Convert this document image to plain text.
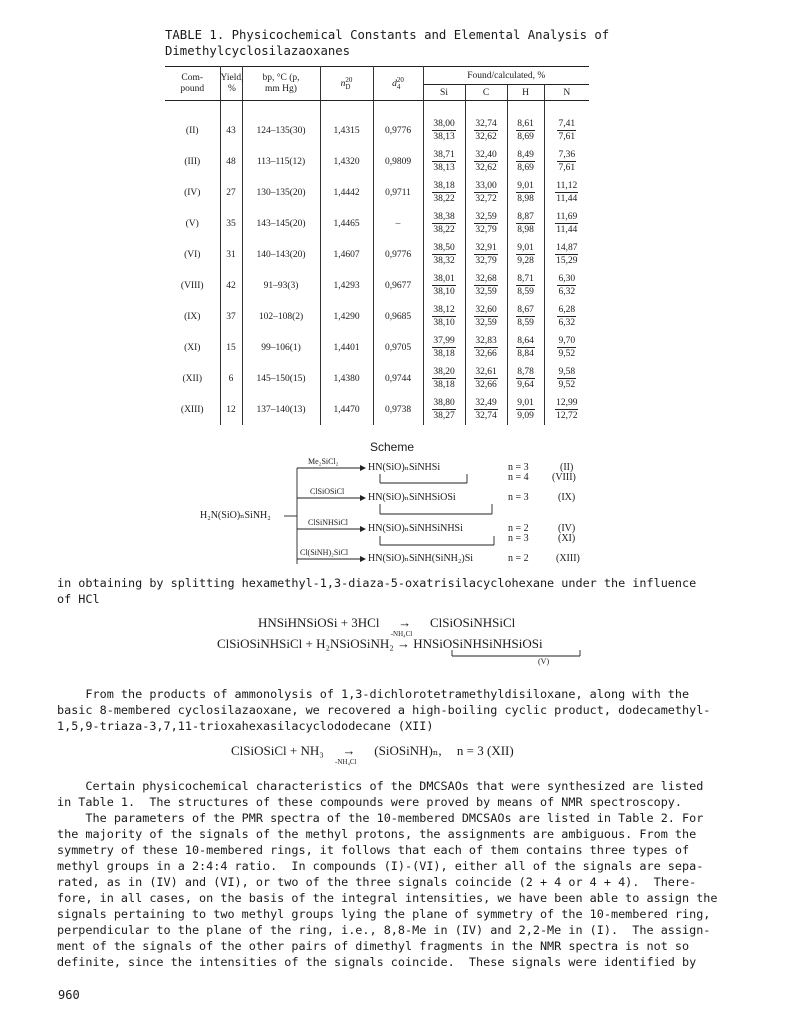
TABLE 1. Physicochemical Constants and Elemental Analysis of
Dimethylcyclosilazaoxanes
Com-
pound	Yield,
%	bp, °C (p,
mm Hg)	n 20
D	d 20
4	Found/calculated, %			
					Si	C	H	N
(II)	43	124–135(30)	1,4315	0,9776	$\frac{38,00}{38,13}$	$\frac{32,74}{32,62}$	$\frac{8,61}{8,69}$	$\frac{7,41}{7,61}$

(III)	48	113–115(12)	1,4320	0,9809	$\frac{38,71}{38,13}$	$\frac{32,40}{32,62}$	$\frac{8,49}{8,69}$	$\frac{7,36}{7,61}$

(IV)	27	130–135(20)	1,4442	0,9711	$\frac{38,18}{38,22}$	$\frac{33,00}{32,72}$	$\frac{9,01}{8,98}$	$\frac{11,12}{11,44}$

(V)	35	143–145(20)	1,4465	–	$\frac{38,38}{38,22}$	$\frac{32,59}{32,79}$	$\frac{8,87}{8,98}$	$\frac{11,69}{11,44}$

(VI)	31	140–143(20)	1,4607	0,9776	$\frac{38,50}{38,32}$	$\frac{32,91}{32,79}$	$\frac{9,01}{9,28}$	$\frac{14,87}{15,29}$

(VIII)	42	91–93(3)	1,4293	0,9677	$\frac{38,01}{38,10}$	$\frac{32,68}{32,59}$	$\frac{8,71}{8,59}$	$\frac{6,30}{6,32}$

(IX)	37	102–108(2)	1,4290	0,9685	$\frac{38,12}{38,10}$	$\frac{32,60}{32,59}$	$\frac{8,67}{8,59}$	$\frac{6,28}{6,32}$

(XI)	15	99–106(1)	1,4401	0,9705	$\frac{37,99}{38,18}$	$\frac{32,83}{32,66}$	$\frac{8,64}{8,84}$	$\frac{9,70}{9,52}$

(XII)	6	145–150(15)	1,4380	0,9744	$\frac{38,20}{38,18}$	$\frac{32,61}{32,66}$	$\frac{8,78}{9,64}$	$\frac{9,58}{9,52}$

(XIII)	12	137–140(13)	1,4470	0,9738	$\frac{38,80}{38,27}$	$\frac{32,49}{32,74}$	$\frac{9,01}{9,09}$	$\frac{12,99}{12,72}$
Scheme
H₂N(SiO)ₙSiNH₂
Me₂SiCl₂
HN(SiO)ₙSiNHSi	n = 3	(II)
n = 4 (VIII)
ClSiOSiCl
HN(SiO)ₙSiNHSiOSi	n = 3	(IX)
ClSiNHSiCl
HN(SiO)ₙSiNHSiNHSi	n = 2	(IV)
n = 3	(XI)
Cl(SiNH)₂SiCl
HN(SiO)ₙSiNH(SiNH₂)Si	n = 2	(XIII)
in obtaining by splitting hexamethyl-1,3-diaza-5-oxatrisilacyclohexane under the influence
of HCl
HNSiHNSiOSi + 3HCl →
-NH₄Cl
ClSiOSiNHSiCl
ClSiOSiNHSiCl + H₂NSiOSiNH₂ → HNSiOSiNHSiNHSiOSi
(V)
From the products of ammonolysis of 1,3-dichlorotetramethyldisiloxane, along with the
basic 8-membered cyclosilazaoxane, we recovered a high-boiling cyclic product, dodecamethyl-
1,5,9-triaza-3,7,11-trioxahexasilacyclododecane (XII)
ClSiOSiCl + NH₃ →
-NH₄Cl
(SiOSiNH)ₙ, n = 3 (XII)
Certain physicochemical characteristics of the DMCSAOs that were synthesized are listed
in Table 1.  The structures of these compounds were proved by means of NMR spectroscopy.
The parameters of the PMR spectra of the 10-membered DMCSAOs are listed in Table 2. For
the majority of the signals of the methyl protons, the assignments are ambiguous. From the
symmetry of these 10-membered rings, it follows that each of them contains three types of
methyl groups in a 2:4:4 ratio.  In compounds (I)-(VI), either all of the signals are sepa-
rated, as in (IV) and (VI), or two of the three signals coincide (2 + 4 or 4 + 4).  There-
fore, in all cases, on the basis of the integral intensities, we have been able to assign the
signals pertaining to two methyl groups lying the plane of symmetry of the 10-membered ring,
perpendicular to the plane of the ring, i.e., 8,8-Me in (IV) and 2,2-Me in (I).  The assign-
ment of the signals of the other pairs of dimethyl fragments in the NMR spectra is not so
definite, since the intensities of the signals coincide.  These signals were identified by
960
